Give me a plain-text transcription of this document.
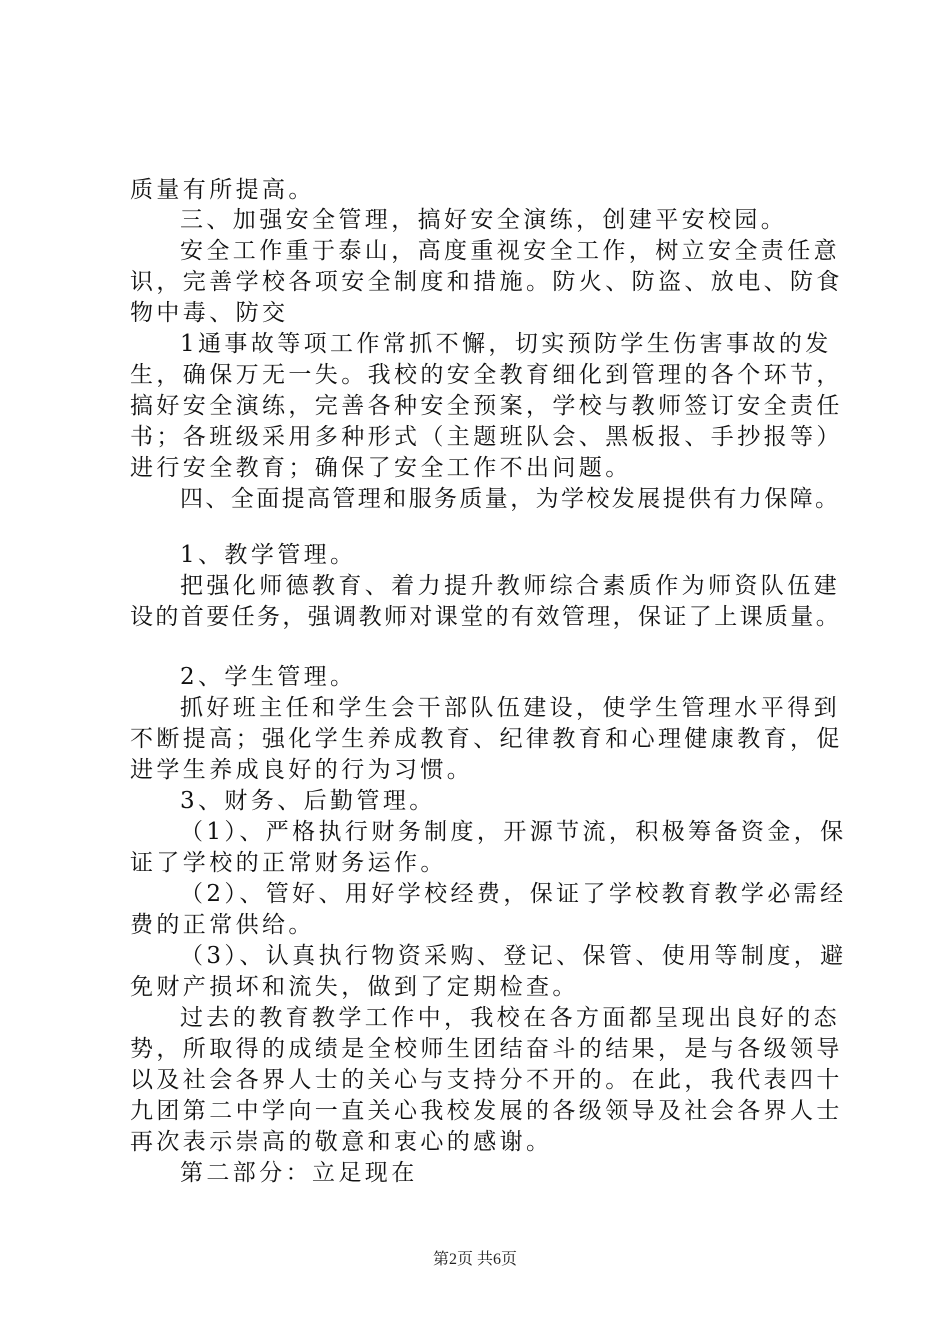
质量有所提高。
三、加强安全管理，搞好安全演练，创建平安校园。
安全工作重于泰山，高度重视安全工作，树立安全责任意
识，完善学校各项安全制度和措施。防火、防盗、放电、防食
物中毒、防交
1通事故等项工作常抓不懈，切实预防学生伤害事故的发
生，确保万无一失。我校的安全教育细化到管理的各个环节，
搞好安全演练，完善各种安全预案，学校与教师签订安全责任
书；各班级采用多种形式（主题班队会、黑板报、手抄报等）
进行安全教育；确保了安全工作不出问题。
四、全面提高管理和服务质量，为学校发展提供有力保障。
1、教学管理。
把强化师德教育、着力提升教师综合素质作为师资队伍建
设的首要任务，强调教师对课堂的有效管理，保证了上课质量。
2、学生管理。
抓好班主任和学生会干部队伍建设，使学生管理水平得到
不断提高；强化学生养成教育、纪律教育和心理健康教育，促
进学生养成良好的行为习惯。
3、财务、后勤管理。
（1）、严格执行财务制度，开源节流，积极筹备资金，保
证了学校的正常财务运作。
（2）、管好、用好学校经费，保证了学校教育教学必需经
费的正常供给。
（3）、认真执行物资采购、登记、保管、使用等制度，避
免财产损坏和流失，做到了定期检查。
过去的教育教学工作中，我校在各方面都呈现出良好的态
势，所取得的成绩是全校师生团结奋斗的结果，是与各级领导
以及社会各界人士的关心与支持分不开的。在此，我代表四十
九团第二中学向一直关心我校发展的各级领导及社会各界人士
再次表示崇高的敬意和衷心的感谢。
第二部分：立足现在
第2页 共6页
